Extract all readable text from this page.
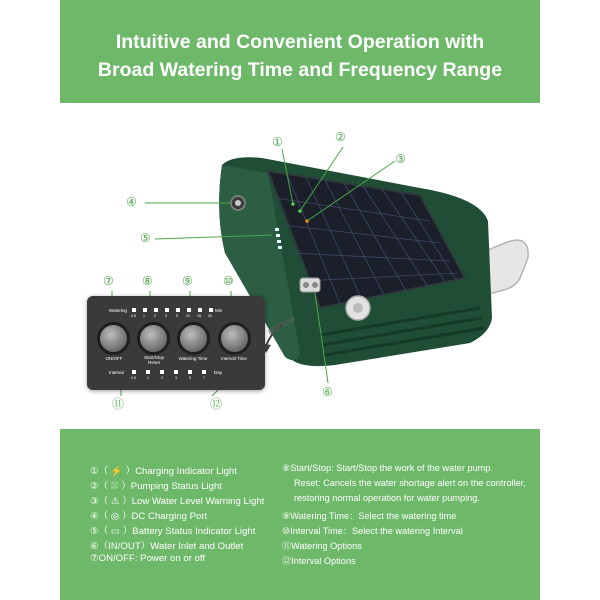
Intuitive and Convenient Operation with
Broad Watering Time and Frequency Range
BOTTOM
①	②
③
④
⑤
⑥
⑦ ⑧ ⑨	⑩
⑪	⑫
Watering	Min
0.5 1	2	3	5 10 15 20
ON/OFF	Start/Stop
Reset
Watering Time	Interval Time
Interval	Day
0.5	1	2	3	5	7
①（ ⚡ ）Charging Indicator Light
②（ ⛆ ）Pumping Status Light
③（ ⚠ ）Low Water Level Warning Light
④（ ◎ ）DC Charging Port
⑤（ ▭ ）Battery Status Indicator Light
⑥（IN/OUT）Water Inlet and Outlet
⑦ON/OFF: Power on or off
⑧Start/Stop: Start/Stop the work of the water pump.
Reset: Cancels the water shortage alert on the controller,
restoring normal operation for water pumping.
⑨Watering Time：Select the watering time
⑩Interval Time：Select the watering Interval
⑪Watering Options
⑫Interval Options
